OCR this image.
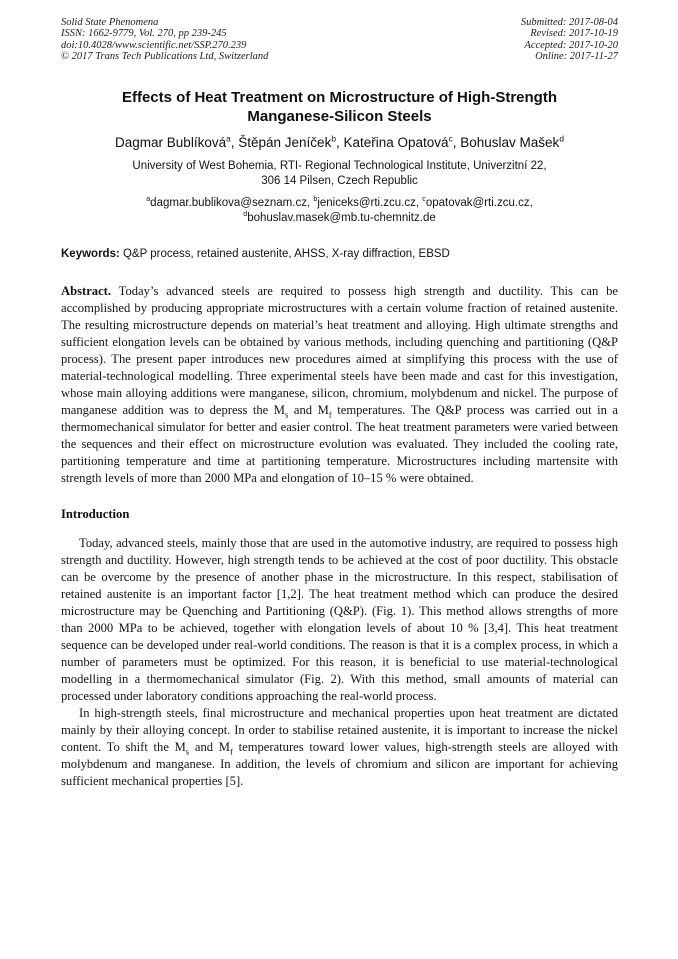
Solid State Phenomena
ISSN: 1662-9779, Vol. 270, pp 239-245
doi:10.4028/www.scientific.net/SSP.270.239
© 2017 Trans Tech Publications Ltd, Switzerland
Submitted: 2017-08-04
Revised: 2017-10-19
Accepted: 2017-10-20
Online: 2017-11-27
Effects of Heat Treatment on Microstructure of High-Strength
Manganese-Silicon Steels
Dagmar Bublíková$^a$, Štěpán Jeníček$^b$, Kateřina Opatová$^c$, Bohuslav Mašek$^d$
University of West Bohemia, RTI- Regional Technological Institute, Univerzitní 22,
306 14 Pilsen, Czech Republic
$^a$dagmar.bublikova@seznam.cz, $^b$jeniceks@rti.zcu.cz, $^c$opatovak@rti.zcu.cz,
$^d$bohuslav.masek@mb.tu-chemnitz.de
Keywords: Q&P process, retained austenite, AHSS, X-ray diffraction, EBSD

Abstract. Today’s advanced steels are required to possess high strength and ductility. This can be accomplished by producing appropriate microstructures with a certain volume fraction of retained austenite. The resulting microstructure depends on material’s heat treatment and alloying. High ultimate strengths and sufficient elongation levels can be obtained by various methods, including quenching and partitioning (Q&P process). The present paper introduces new procedures aimed at simplifying this process with the use of material-technological modelling. Three experimental steels have been made and cast for this investigation, whose main alloying additions were manganese, silicon, chromium, molybdenum and nickel. The purpose of manganese addition was to depress the $M_s$ and $M_f$ temperatures. The Q&P process was carried out in a thermomechanical simulator for better and easier control. The heat treatment parameters were varied between the sequences and their effect on microstructure evolution was evaluated. They included the cooling rate, partitioning temperature and time at partitioning temperature. Microstructures including martensite with strength levels of more than 2000 MPa and elongation of 10–15 % were obtained.

Introduction

Today, advanced steels, mainly those that are used in the automotive industry, are required to possess high strength and ductility. However, high strength tends to be achieved at the cost of poor ductility. This obstacle can be overcome by the presence of another phase in the microstructure. In this respect, stabilisation of retained austenite is an important factor [1,2]. The heat treatment method which can produce the desired microstructure may be Quenching and Partitioning (Q&P). (Fig. 1). This method allows strengths of more than 2000 MPa to be achieved, together with elongation levels of about 10 % [3,4]. This heat treatment sequence can be developed under real-world conditions. The reason is that it is a complex process, in which a number of parameters must be optimized. For this reason, it is beneficial to use material-technological modelling in a thermomechanical simulator (Fig. 2). With this method, small amounts of material can processed under laboratory conditions approaching the real-world process.

In high-strength steels, final microstructure and mechanical properties upon heat treatment are dictated mainly by their alloying concept. In order to stabilise retained austenite, it is important to increase the nickel content. To shift the $M_s$ and $M_f$ temperatures toward lower values, high-strength steels are alloyed with molybdenum and manganese. In addition, the levels of chromium and silicon are important for achieving sufficient mechanical properties [5].
